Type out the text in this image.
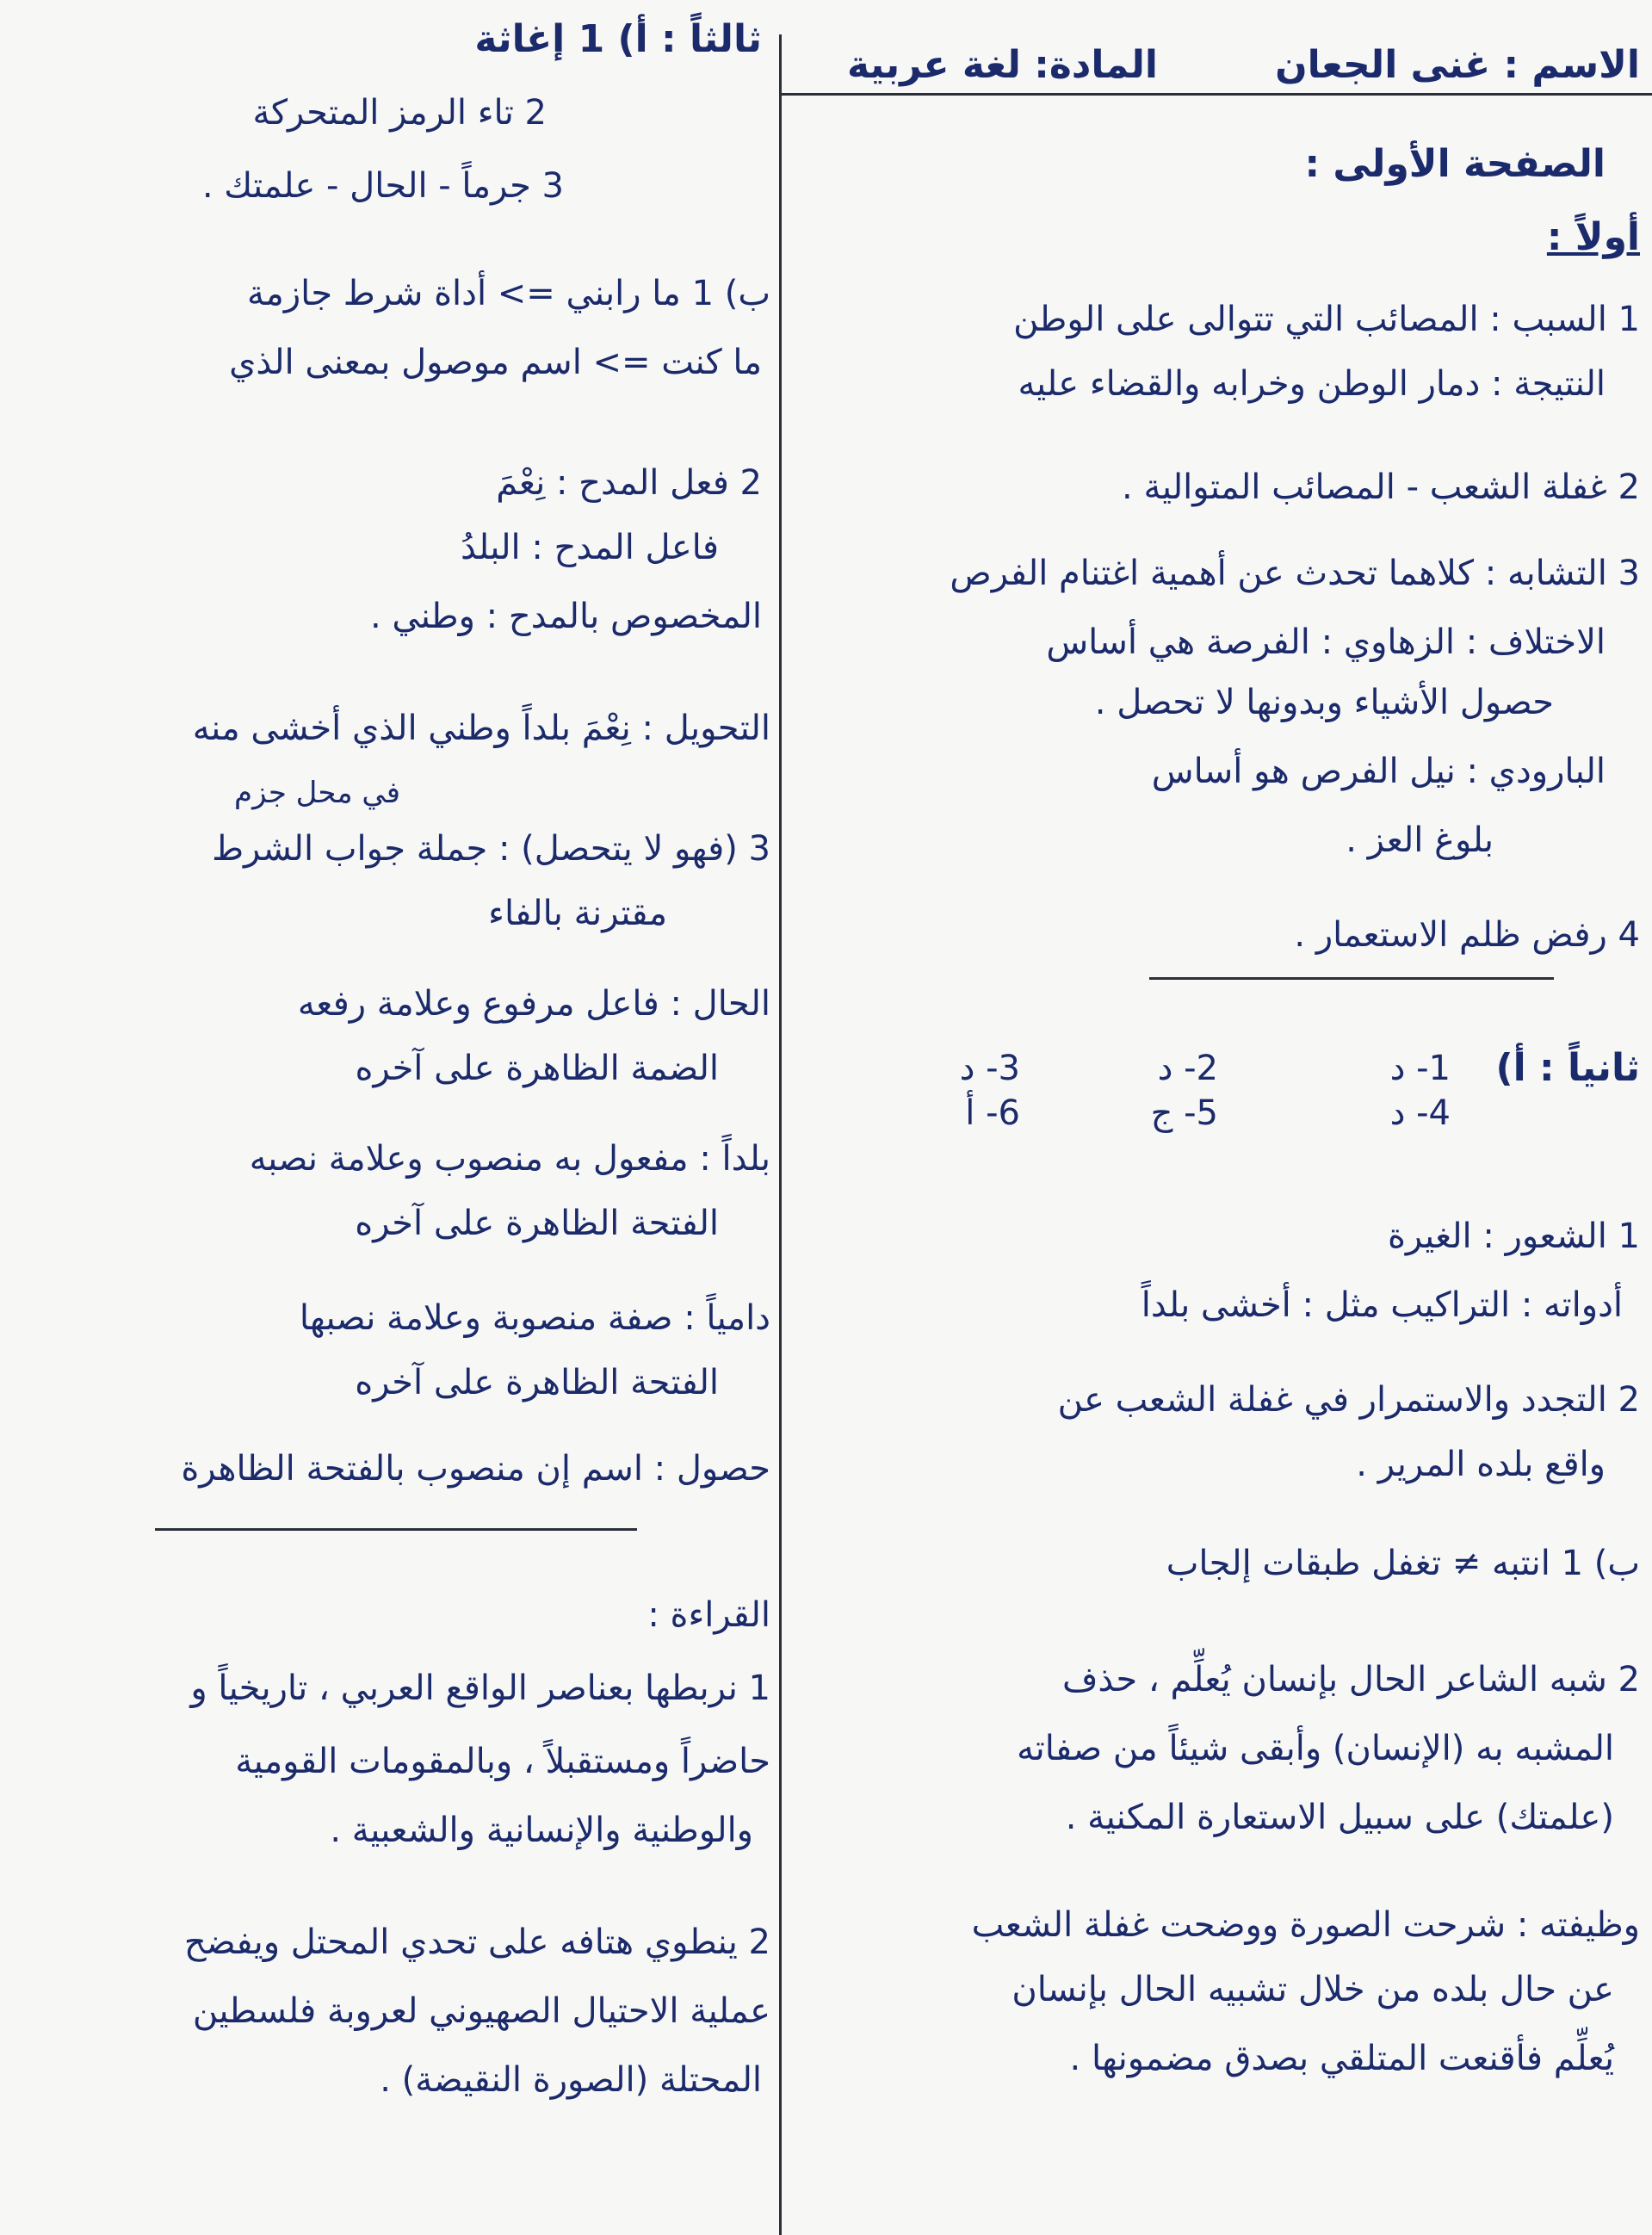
الاسم : غنى الجعان
المادة: لغة عربية
الصفحة الأولى :
أولاً :
1 السبب : المصائب التي تتوالى على الوطن
النتيجة : دمار الوطن وخرابه والقضاء عليه
2 غفلة الشعب - المصائب المتوالية .
3 التشابه : كلاهما تحدث عن أهمية اغتنام الفرص
الاختلاف : الزهاوي : الفرصة هي أساس
حصول الأشياء وبدونها لا تحصل .
البارودي : نيل الفرص هو أساس
بلوغ العز .
4 رفض ظلم الاستعمار .
ثانياً : أ)
1- د
2- د
3- د
4- د
5- ج
6- أ
1 الشعور : الغيرة
أدواته : التراكيب مثل : أخشى بلداً
2 التجدد والاستمرار في غفلة الشعب عن
واقع بلده المرير .
ب) 1 انتبه ≠ تغفل طبقات إلجاب
2 شبه الشاعر الحال بإنسان يُعلِّم ، حذف
المشبه به (الإنسان) وأبقى شيئاً من صفاته
(علمتك) على سبيل الاستعارة المكنية .
وظيفته : شرحت الصورة ووضحت غفلة الشعب
عن حال بلده من خلال تشبيه الحال بإنسان
يُعلِّم فأقنعت المتلقي بصدق مضمونها .
ثالثاً : أ) 1 إغاثة
2 تاء الرمز المتحركة
3 جرماً - الحال - علمتك .
ب) 1 ما رابني => أداة شرط جازمة
ما كنت => اسم موصول بمعنى الذي
2 فعل المدح : نِعْمَ
فاعل المدح : البلدُ
المخصوص بالمدح : وطني .
التحويل : نِعْمَ بلداً وطني الذي أخشى منه
في محل جزم
3 (فهو لا يتحصل) : جملة جواب الشرط
مقترنة بالفاء
الحال : فاعل مرفوع وعلامة رفعه
الضمة الظاهرة على آخره
بلداً : مفعول به منصوب وعلامة نصبه
الفتحة الظاهرة على آخره
دامياً : صفة منصوبة وعلامة نصبها
الفتحة الظاهرة على آخره
حصول : اسم إن منصوب بالفتحة الظاهرة
القراءة :
1 نربطها بعناصر الواقع العربي ، تاريخياً و
حاضراً ومستقبلاً ، وبالمقومات القومية
والوطنية والإنسانية والشعبية .
2 ينطوي هتافه على تحدي المحتل ويفضح
عملية الاحتيال الصهيوني لعروبة فلسطين
المحتلة (الصورة النقيضة) .
